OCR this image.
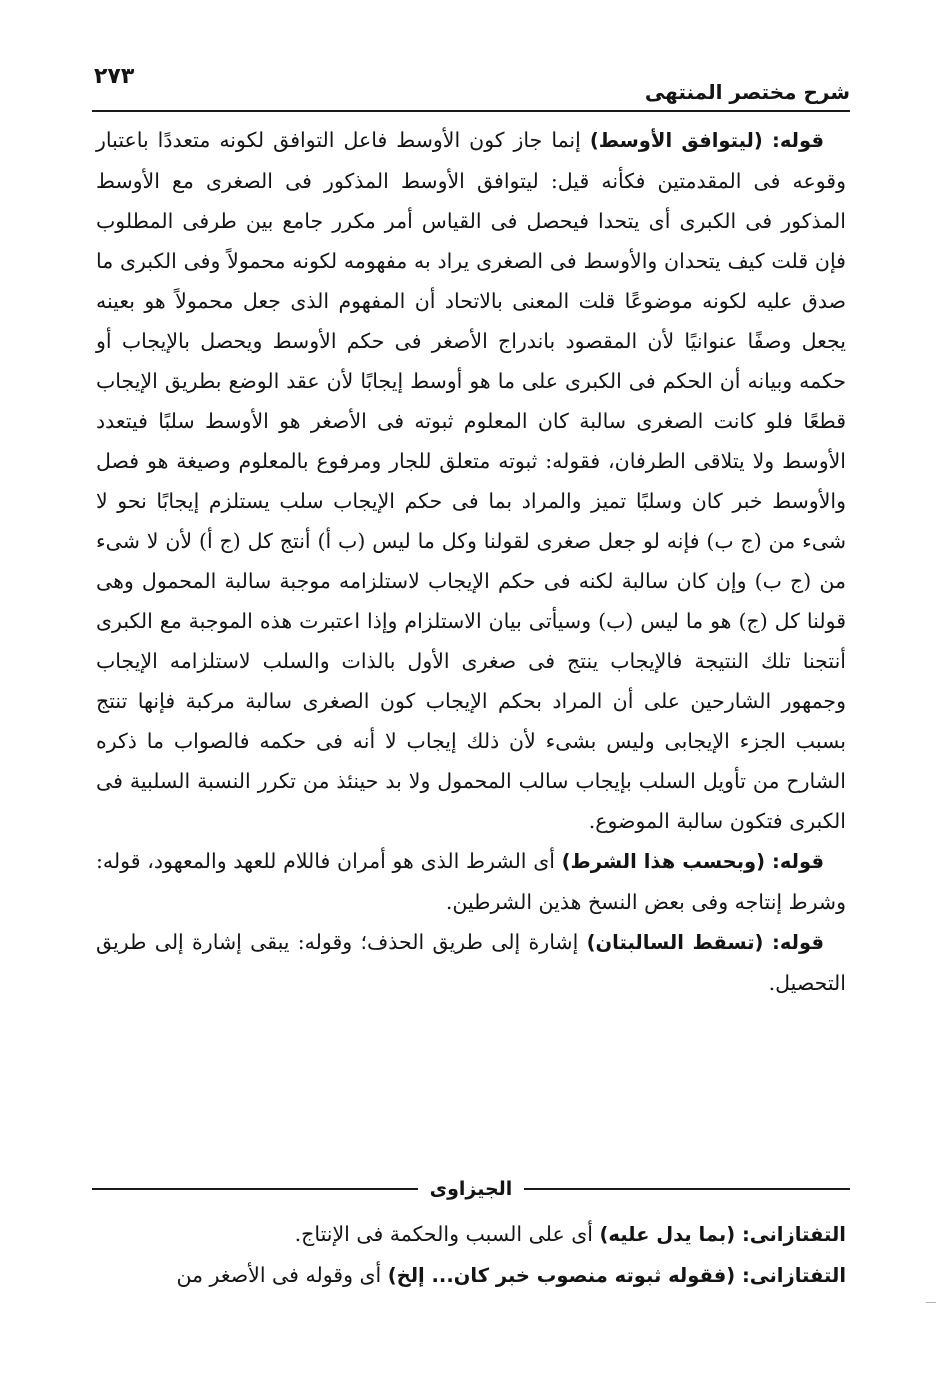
شرح مختصر المنتهى
٢٧٣

قوله: (ليتوافق الأوسط) إنما جاز كون الأوسط فاعل التوافق لكونه متعددًا باعتبار وقوعه فى المقدمتين فكأنه قيل: ليتوافق الأوسط المذكور فى الصغرى مع الأوسط المذكور فى الكبرى أى يتحدا فيحصل فى القياس أمر مكرر جامع بين طرفى المطلوب فإن قلت كيف يتحدان والأوسط فى الصغرى يراد به مفهومه لكونه محمولاً وفى الكبرى ما صدق عليه لكونه موضوعًا قلت المعنى بالاتحاد أن المفهوم الذى جعل محمولاً هو بعينه يجعل وصفًا عنوانيًا لأن المقصود باندراج الأصغر فى حكم الأوسط ويحصل بالإيجاب أو حكمه وبيانه أن الحكم فى الكبرى على ما هو أوسط إيجابًا لأن عقد الوضع بطريق الإيجاب قطعًا فلو كانت الصغرى سالبة كان المعلوم ثبوته فى الأصغر هو الأوسط سلبًا فيتعدد الأوسط ولا يتلاقى الطرفان، فقوله: ثبوته متعلق للجار ومرفوع بالمعلوم وصيغة هو فصل والأوسط خبر كان وسلبًا تميز والمراد بما فى حكم الإيجاب سلب يستلزم إيجابًا نحو لا شىء من (ج ب) فإنه لو جعل صغرى لقولنا وكل ما ليس (ب أ) أنتج كل (ج أ) لأن لا شىء من (ج ب) وإن كان سالبة لكنه فى حكم الإيجاب لاستلزامه موجبة سالبة المحمول وهى قولنا كل (ج) هو ما ليس (ب) وسيأتى بيان الاستلزام وإذا اعتبرت هذه الموجبة مع الكبرى أنتجنا تلك النتيجة فالإيجاب ينتج فى صغرى الأول بالذات والسلب لاستلزامه الإيجاب وجمهور الشارحين على أن المراد بحكم الإيجاب كون الصغرى سالبة مركبة فإنها تنتج بسبب الجزء الإيجابى وليس بشىء لأن ذلك إيجاب لا أنه فى حكمه فالصواب ما ذكره الشارح من تأويل السلب بإيجاب سالب المحمول ولا بد حينئذ من تكرر النسبة السلبية فى الكبرى فتكون سالبة الموضوع.

قوله: (وبحسب هذا الشرط) أى الشرط الذى هو أمران فاللام للعهد والمعهود، قوله: وشرط إنتاجه وفى بعض النسخ هذين الشرطين.

قوله: (تسقط السالبتان) إشارة إلى طريق الحذف؛ وقوله: يبقى إشارة إلى طريق التحصيل.

الجيزاوى

التفتازانى: (بما يدل عليه) أى على السبب والحكمة فى الإنتاج.

التفتازانى: (فقوله ثبوته منصوب خبر كان... إلخ) أى وقوله فى الأصغر من
